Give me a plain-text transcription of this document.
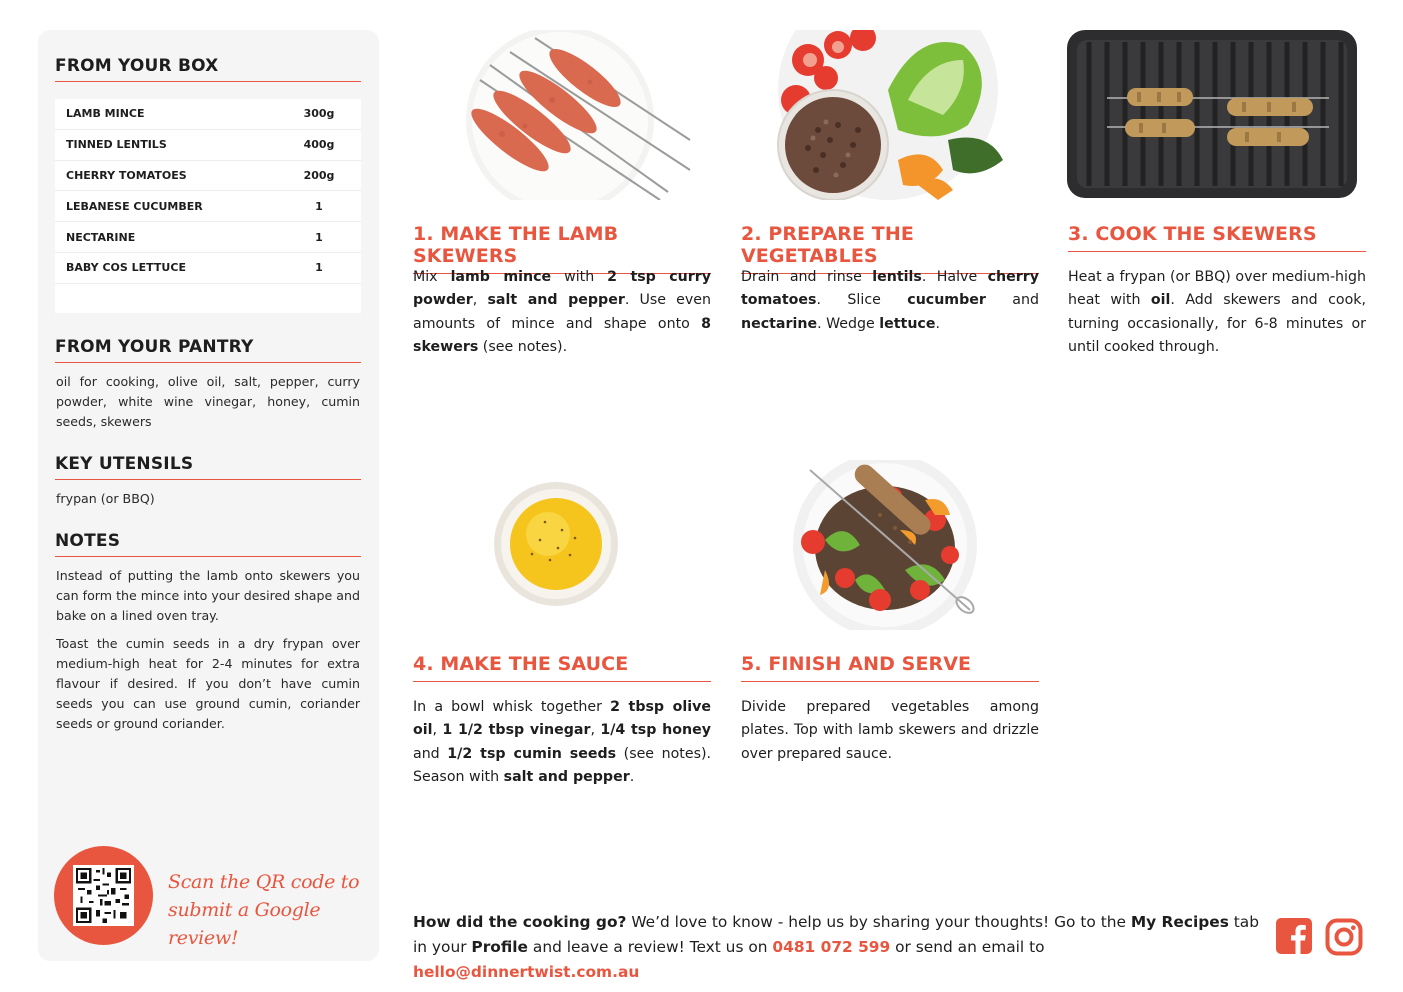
FROM YOUR BOX
LAMB MINCE	300g
TINNED LENTILS	400g
CHERRY TOMATOES	200g
LEBANESE CUCUMBER	1
NECTARINE	1
BABY COS LETTUCE	1
FROM YOUR PANTRY
oil for cooking, olive oil, salt, pepper, curry powder, white wine vinegar, honey, cumin seeds, skewers
KEY UTENSILS
frypan (or BBQ)
NOTES
Instead of putting the lamb onto skewers you can form the mince into your desired shape and bake on a lined oven tray.
Toast the cumin seeds in a dry frypan over medium-high heat for 2-4 minutes for extra flavour if desired. If you don’t have cumin seeds you can use ground cumin, coriander seeds or ground coriander.
Scan the QR code to
submit a Google review!
1. MAKE THE LAMB SKEWERS
Mix lamb mince with 2 tsp curry powder, salt and pepper. Use even amounts of mince and shape onto 8 skewers (see notes).
2. PREPARE THE VEGETABLES
Drain and rinse lentils. Halve cherry tomatoes. Slice cucumber and nectarine. Wedge lettuce.
3. COOK THE SKEWERS
Heat a frypan (or BBQ) over medium-high heat with oil. Add skewers and cook, turning occasionally, for 6-8 minutes or until cooked through.
4. MAKE THE SAUCE
In a bowl whisk together 2 tbsp olive oil, 1 1/2 tbsp vinegar, 1/4 tsp honey and 1/2 tsp cumin seeds (see notes). Season with salt and pepper.
5. FINISH AND SERVE
Divide prepared vegetables among plates. Top with lamb skewers and drizzle over prepared sauce.
How did the cooking go? We’d love to know - help us by sharing your thoughts! Go to the My Recipes tab in your Profile and leave a review! Text us on 0481 072 599 or send an email to hello@dinnertwist.com.au
